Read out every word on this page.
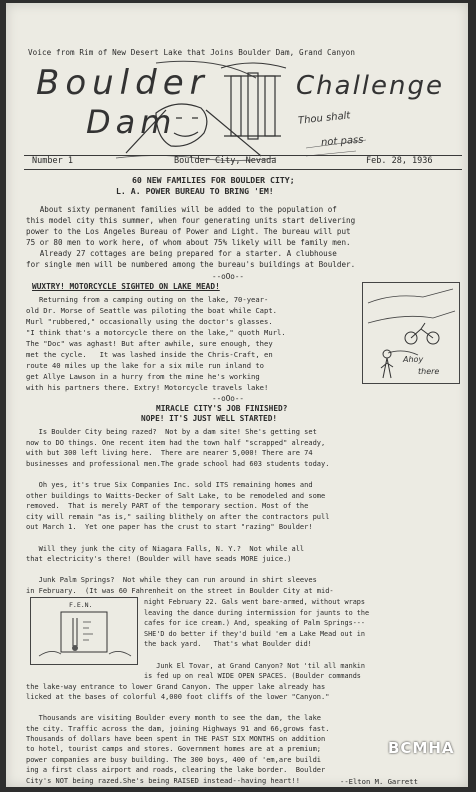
Voice from Rim of New Desert Lake that Joins Boulder Dam, Grand Canyon
Boulder
Dam
Challenge
Thou shalt
not pass
Number 1	Boulder City, Nevada	Feb. 28, 1936
60 NEW FAMILIES FOR BOULDER CITY;
L. A. POWER BUREAU TO BRING 'EM!
About sixty permanent families will be added to the population of
this model city this summer, when four generating units start delivering
power to the Los Angeles Bureau of Power and Light. The bureau will put
75 or 80 men to work here, of whom about 75% likely will be family men.
Already 27 cottages are being prepared for a starter. A clubhouse
for single men will be numbered among the bureau's buildings at Boulder.
--oOo--
WUXTRY! MOTORCYCLE SIGHTED ON LAKE MEAD!
Returning from a camping outing on the lake, 70-year-
old Dr. Morse of Seattle was piloting the boat while Capt.
Murl "rubbered," occasionally using the doctor's glasses.
"I think that's a motorcycle there on the lake," quoth Murl.
The "Doc" was aghast! But after awhile, sure enough, they
met the cycle.   It was lashed inside the Chris-Craft, en
route 40 miles up the lake for a six mile run inland to
get Allye Lawson in a hurry from the mine he's working
with his partners there. Extry! Motorcycle travels lake!
Ahoy
there
--oOo--
MIRACLE CITY'S JOB FINISHED?
NOPE! IT'S JUST WELL STARTED!
Is Boulder City being razed?  Not by a dam site! She's getting set
now to DO things. One recent item had the town half "scrapped" already,
with but 300 left living here.  There are nearer 5,000! There are 74
businesses and professional men.The grade school had 603 students today.
Oh yes, it's true Six Companies Inc. sold ITS remaining homes and
other buildings to Waitts-Decker of Salt Lake, to be remodeled and some
removed.  That is merely PART of the temporary section. Most of the
city will remain "as is," sailing blithely on after the contractors pull
out March 1.  Yet one paper has the crust to start "razing" Boulder!
Will they junk the city of Niagara Falls, N. Y.?  Not while all
that electricity's there! (Boulder will have seads MORE juice.)
Junk Palm Springs?  Not while they can run around in shirt sleeves
in February.  (It was 60 Fahrenheit on the street in Boulder City at mid-
F.E.N.	night February 22. Gals went bare-armed, without wraps
leaving the dance during intermission for jaunts to the
cafes for ice cream.) And, speaking of Palm Springs---
SHE'D do better if they'd build 'em a Lake Mead out in
the back yard.   That's what Boulder did!
Junk El Tovar, at Grand Canyon? Not 'til all mankin
is fed up on real WIDE OPEN SPACES. (Boulder commands
the lake-way entrance to lower Grand Canyon. The upper lake already has
licked at the bases of colorful 4,000 foot cliffs of the lower "Canyon."
Thousands are visiting Boulder every month to see the dam, the lake
the city. Traffic across the dam, joining Highways 91 and 66,grows fast.
Thousands of dollars have been spent in THE PAST SIX MONTHS on addition
to hotel, tourist camps and stores. Government homes are at a premium;
power companies are busy building. The 300 boys, 400 of 'em,are buildi
ing a first class airport and roads, clearing the lake border.  Boulder
City's NOT being razed.She's being RAISED instead--having heart!!	--Elton M. Garrett
BCMHA
